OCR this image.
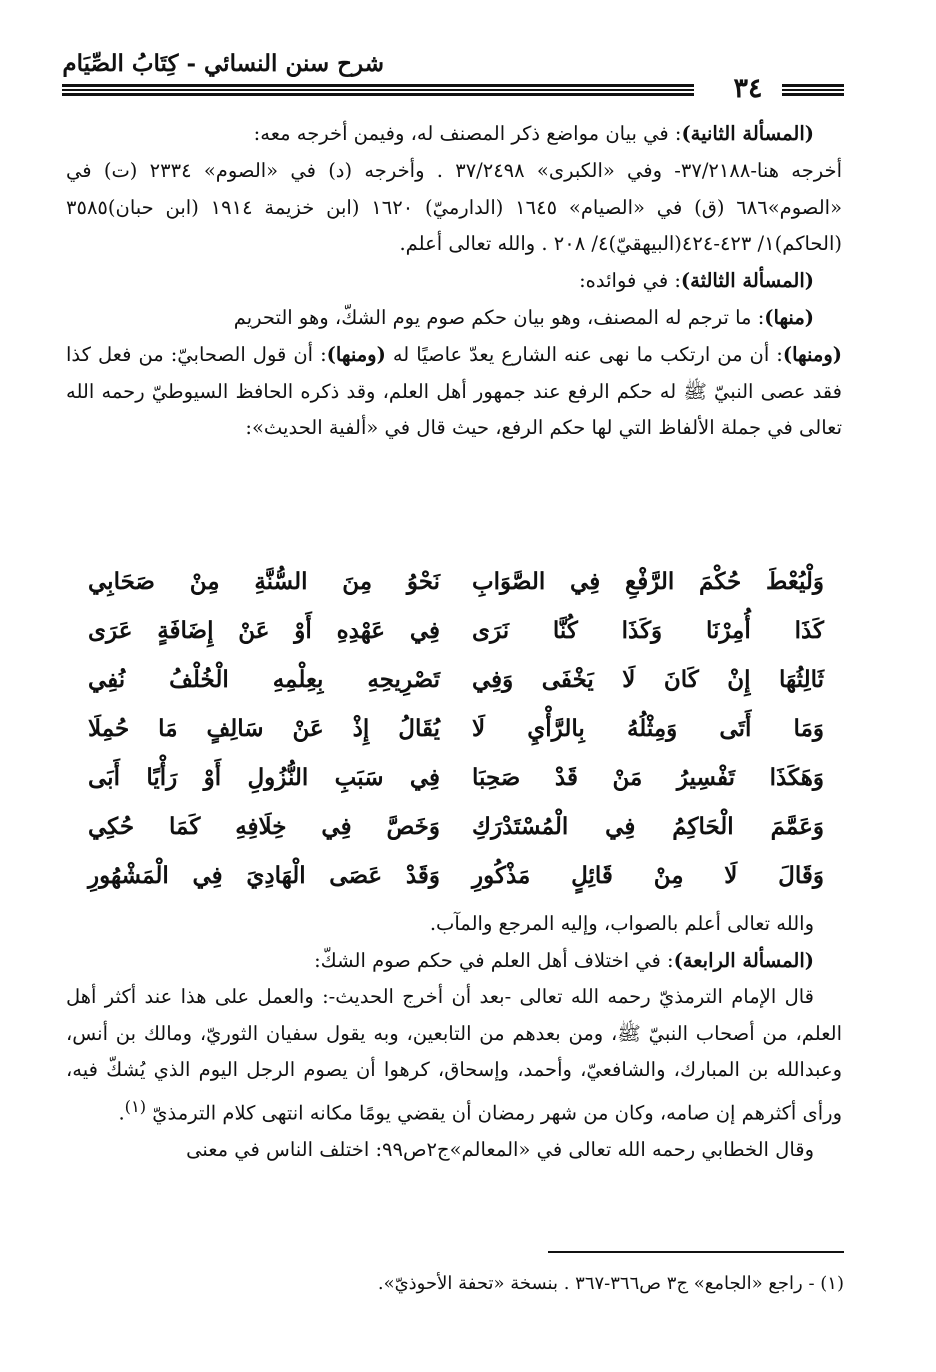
شرح سنن النسائي - كِتَابُ الصِّيَام
٣٤

(المسألة الثانية): في بيان مواضع ذكر المصنف له، وفيمن أخرجه معه:

أخرجه هنا-٣٧/٢١٨٨- وفي «الكبرى» ٣٧/٢٤٩٨ . وأخرجه (د) في «الصوم» ٢٣٣٤ (ت) في «الصوم»٦٨٦ (ق) في «الصيام» ١٦٤٥ (الدارميّ) ١٦٢٠ (ابن خزيمة ١٩١٤ (ابن حبان)٣٥٨٥ (الحاكم)١/ ٤٢٣-٤٢٤(البيهقيّ)٤/ ٢٠٨ . والله تعالى أعلم.

(المسألة الثالثة): في فوائده:

(منها): ما ترجم له المصنف، وهو بيان حكم صوم يوم الشكّ، وهو التحريم

(ومنها): أن من ارتكب ما نهى عنه الشارع يعدّ عاصيًا له (ومنها): أن قول الصحابيّ: من فعل كذا فقد عصى النبيّ ﷺ له حكم الرفع عند جمهور أهل العلم، وقد ذكره الحافظ السيوطيّ رحمه الله تعالى في جملة الألفاظ التي لها حكم الرفع، حيث قال في «ألفية الحديث»:

وَلْيُعْطَ حُكْمَ الرَّفْعِ فِي الصَّوَابِ
نَحْوُ مِنَ السُّنَّةِ مِنْ صَحَابِي
كَذَا أُمِرْنَا وَكَذَا كُنَّا نَرَى
فِي عَهْدِهِ أَوْ عَنْ إِضَافَةٍ عَرَى
ثَالِثُهَا إِنْ كَانَ لَا يَخْفَى وَفِي
تَصْرِيحِهِ بِعِلْمِهِ الْخُلْفُ نُفِي
وَمَا أَتَى وَمِثْلُهُ بِالرَّأْيِ لَا
يُقَالُ إِذْ عَنْ سَالِفٍ مَا حُمِلَا
وَهَكَذَا تَفْسِيرُ مَنْ قَدْ صَحِبَا
فِي سَبَبِ النُّزُولِ أَوْ رَأْيًا أَبَى
وَعَمَّمَ الْحَاكِمُ فِي الْمُسْتَدْرَكِ
وَخَصَّ فِي خِلَافِهِ كَمَا حُكِي
وَقَالَ لَا مِنْ قَائِلٍ مَذْكُورِ
وَقَدْ عَصَى الْهَادِيَ فِي الْمَشْهُورِ

والله تعالى أعلم بالصواب، وإليه المرجع والمآب.

(المسألة الرابعة): في اختلاف أهل العلم في حكم صوم الشكّ:

قال الإمام الترمذيّ رحمه الله تعالى -بعد أن أخرج الحديث-: والعمل على هذا عند أكثر أهل العلم، من أصحاب النبيّ ﷺ، ومن بعدهم من التابعين، وبه يقول سفيان الثوريّ، ومالك بن أنس، وعبدالله بن المبارك، والشافعيّ، وأحمد، وإسحاق، كرهوا أن يصوم الرجل اليوم الذي يُشكّ فيه، ورأى أكثرهم إن صامه، وكان من شهر رمضان أن يقضي يومًا مكانه انتهى كلام الترمذيّ $^{(١)}$.

وقال الخطابي رحمه الله تعالى في «المعالم»ج٢ص٩٩: اختلف الناس في معنى

(١) - راجع «الجامع» ج٣ ص٣٦٦-٣٦٧ . بنسخة «تحفة الأحوذيّ».
